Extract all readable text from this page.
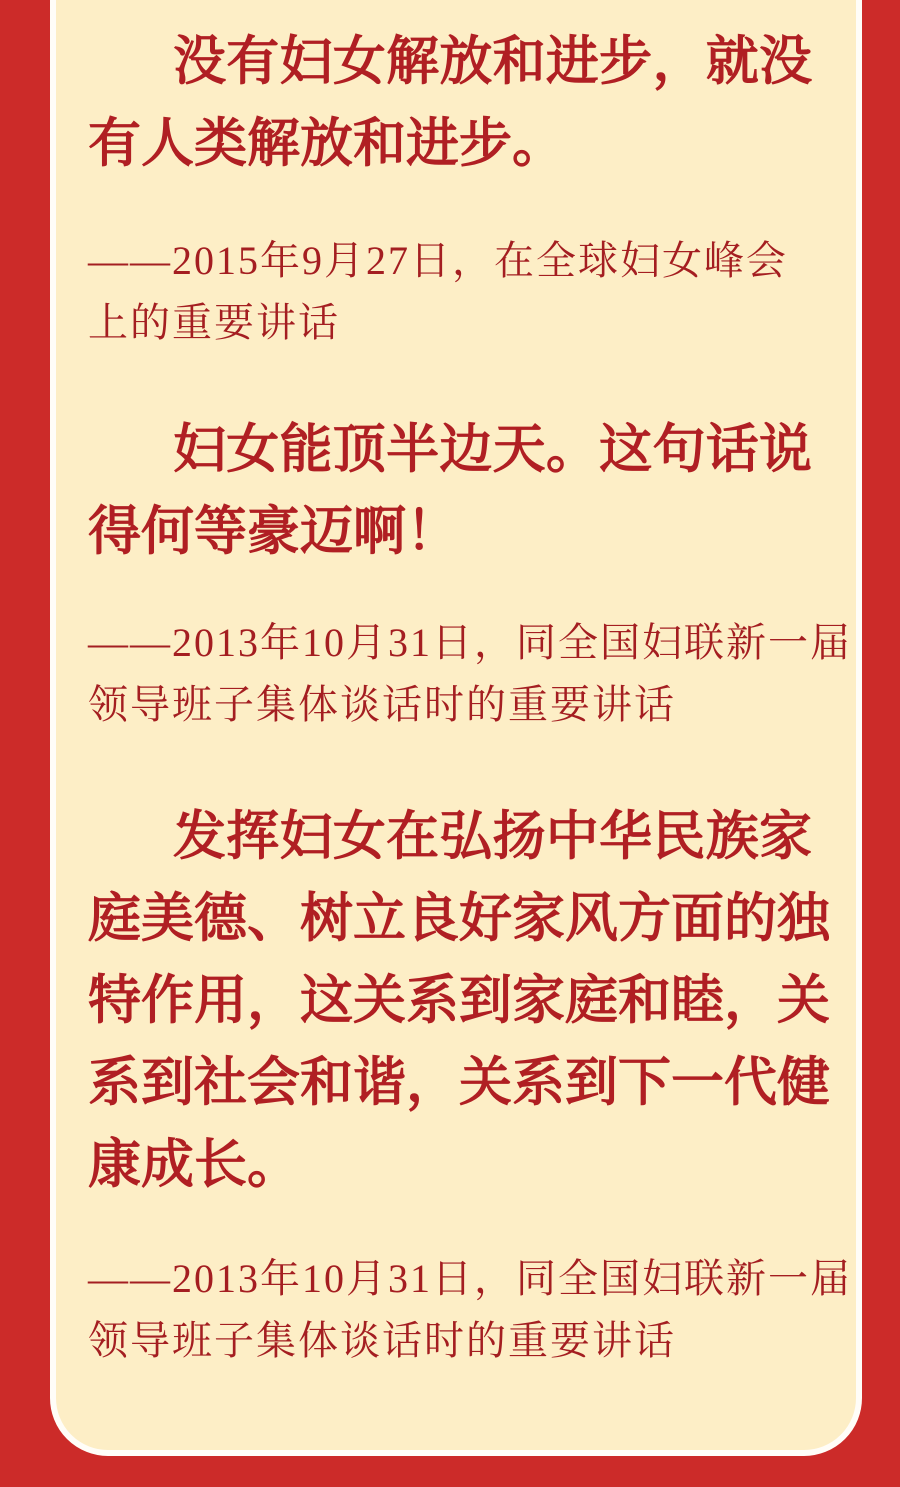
没有妇女解放和进步，就没
有人类解放和进步。
——2015年9月27日，在全球妇女峰会
上的重要讲话
妇女能顶半边天。这句话说
得何等豪迈啊！
——2013年10月31日，同全国妇联新一届
领导班子集体谈话时的重要讲话
发挥妇女在弘扬中华民族家
庭美德、树立良好家风方面的独
特作用，这关系到家庭和睦，关
系到社会和谐，关系到下一代健
康成长。
——2013年10月31日，同全国妇联新一届
领导班子集体谈话时的重要讲话
